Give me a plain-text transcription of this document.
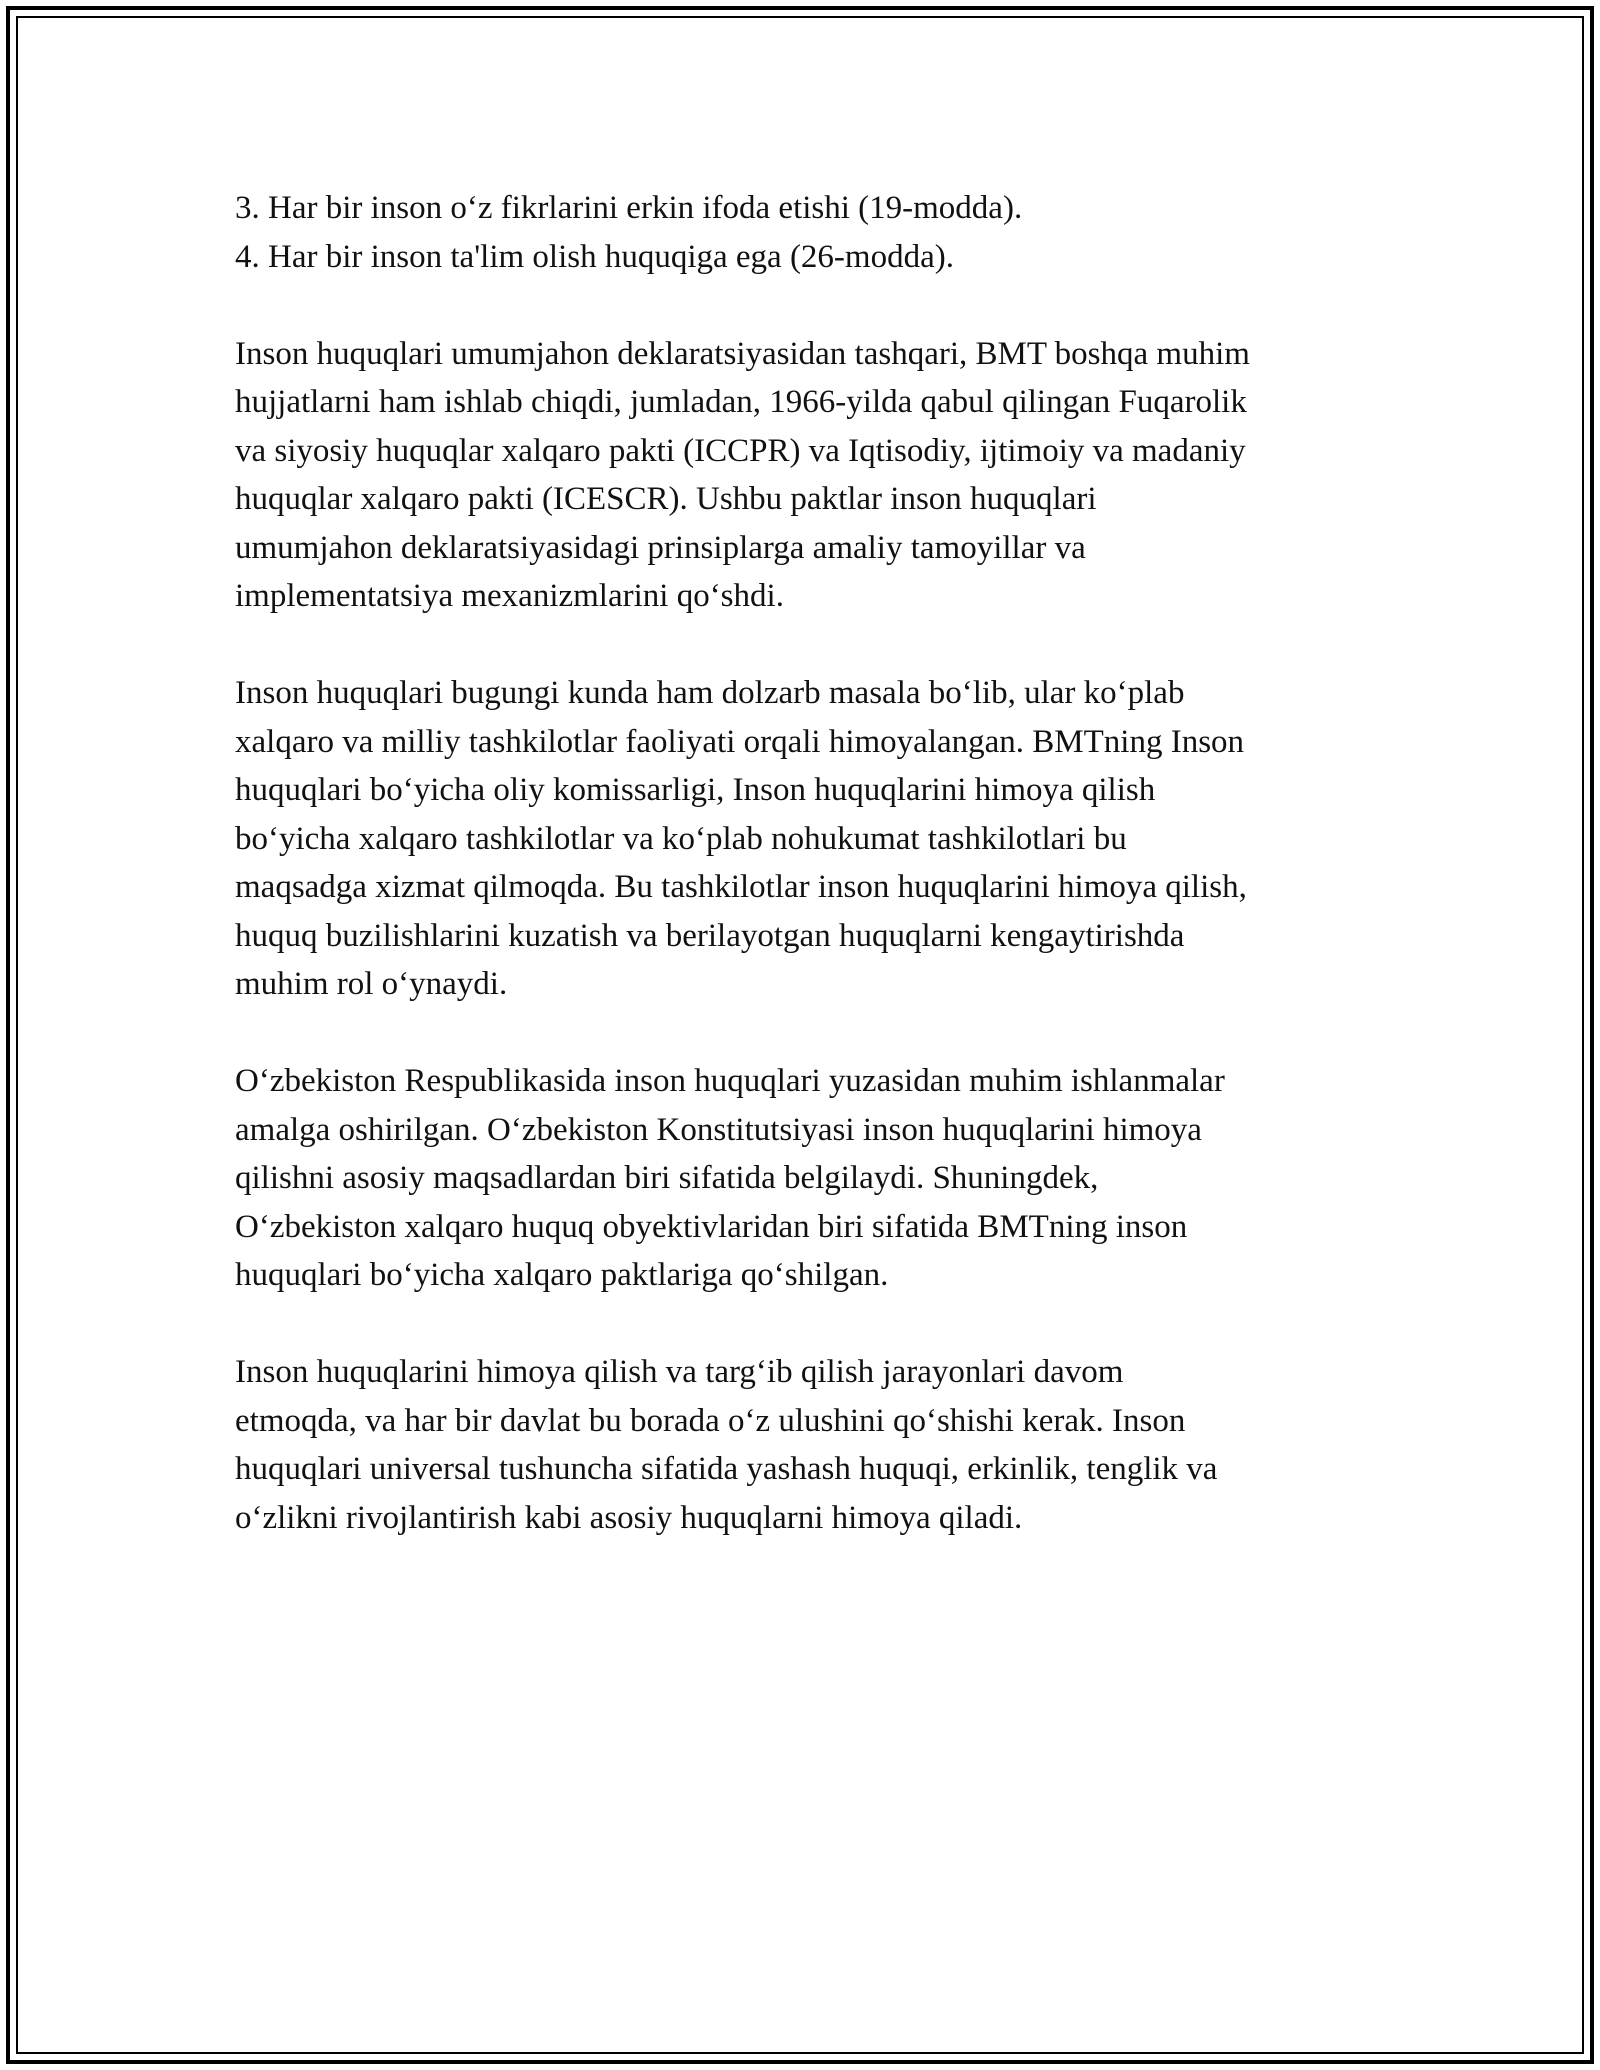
3. Har bir inson o‘z fikrlarini erkin ifoda etishi (19-modda).
4. Har bir inson ta'lim olish huquqiga ega (26-modda).

Inson huquqlari umumjahon deklaratsiyasidan tashqari, BMT boshqa muhim
hujjatlarni ham ishlab chiqdi, jumladan, 1966-yilda qabul qilingan Fuqarolik
va siyosiy huquqlar xalqaro pakti (ICCPR) va Iqtisodiy, ijtimoiy va madaniy
huquqlar xalqaro pakti (ICESCR). Ushbu paktlar inson huquqlari
umumjahon deklaratsiyasidagi prinsiplarga amaliy tamoyillar va
implementatsiya mexanizmlarini qo‘shdi.

Inson huquqlari bugungi kunda ham dolzarb masala bo‘lib, ular ko‘plab
xalqaro va milliy tashkilotlar faoliyati orqali himoyalangan. BMTning Inson
huquqlari bo‘yicha oliy komissarligi, Inson huquqlarini himoya qilish
bo‘yicha xalqaro tashkilotlar va ko‘plab nohukumat tashkilotlari bu
maqsadga xizmat qilmoqda. Bu tashkilotlar inson huquqlarini himoya qilish,
huquq buzilishlarini kuzatish va berilayotgan huquqlarni kengaytirishda
muhim rol o‘ynaydi.

O‘zbekiston Respublikasida inson huquqlari yuzasidan muhim ishlanmalar
amalga oshirilgan. O‘zbekiston Konstitutsiyasi inson huquqlarini himoya
qilishni asosiy maqsadlardan biri sifatida belgilaydi. Shuningdek,
O‘zbekiston xalqaro huquq obyektivlaridan biri sifatida BMTning inson
huquqlari bo‘yicha xalqaro paktlariga qo‘shilgan.

Inson huquqlarini himoya qilish va targ‘ib qilish jarayonlari davom
etmoqda, va har bir davlat bu borada o‘z ulushini qo‘shishi kerak. Inson
huquqlari universal tushuncha sifatida yashash huquqi, erkinlik, tenglik va
o‘zlikni rivojlantirish kabi asosiy huquqlarni himoya qiladi.
